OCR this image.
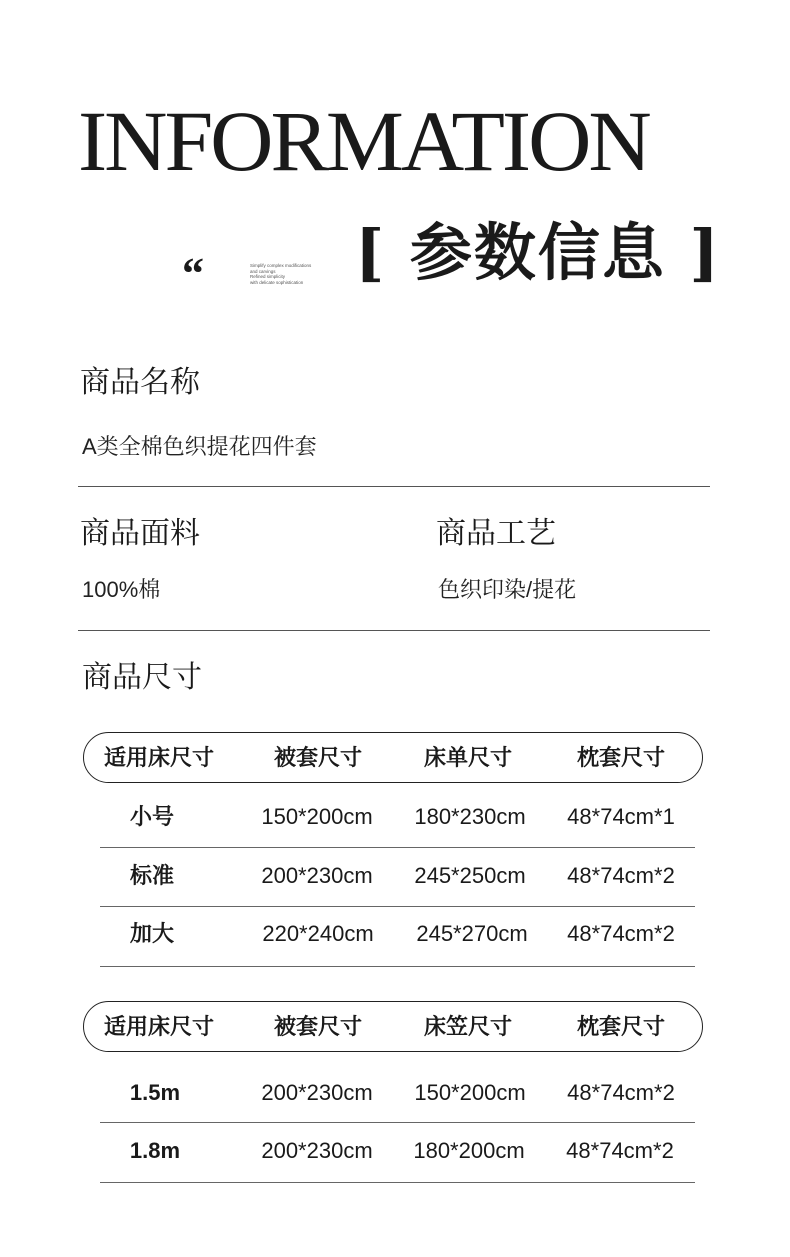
INFORMATION
“	Simplify complex modifications
and carvings
Refined simplicity
with delicate sophistication [ 参数信息 ]
商品名称
A类全棉色织提花四件套
商品面料
100%棉
商品工艺
色织印染/提花
商品尺寸
适用床尺寸	被套尺寸	床单尺寸	枕套尺寸
小号	150*200cm 180*230cm 48*74cm*1
标准	200*230cm 245*250cm 48*74cm*2
加大	220*240cm 245*270cm 48*74cm*2
适用床尺寸	被套尺寸	床笠尺寸	枕套尺寸
1.5m	200*230cm 150*200cm 48*74cm*2
1.8m	200*230cm 180*200cm 48*74cm*2
